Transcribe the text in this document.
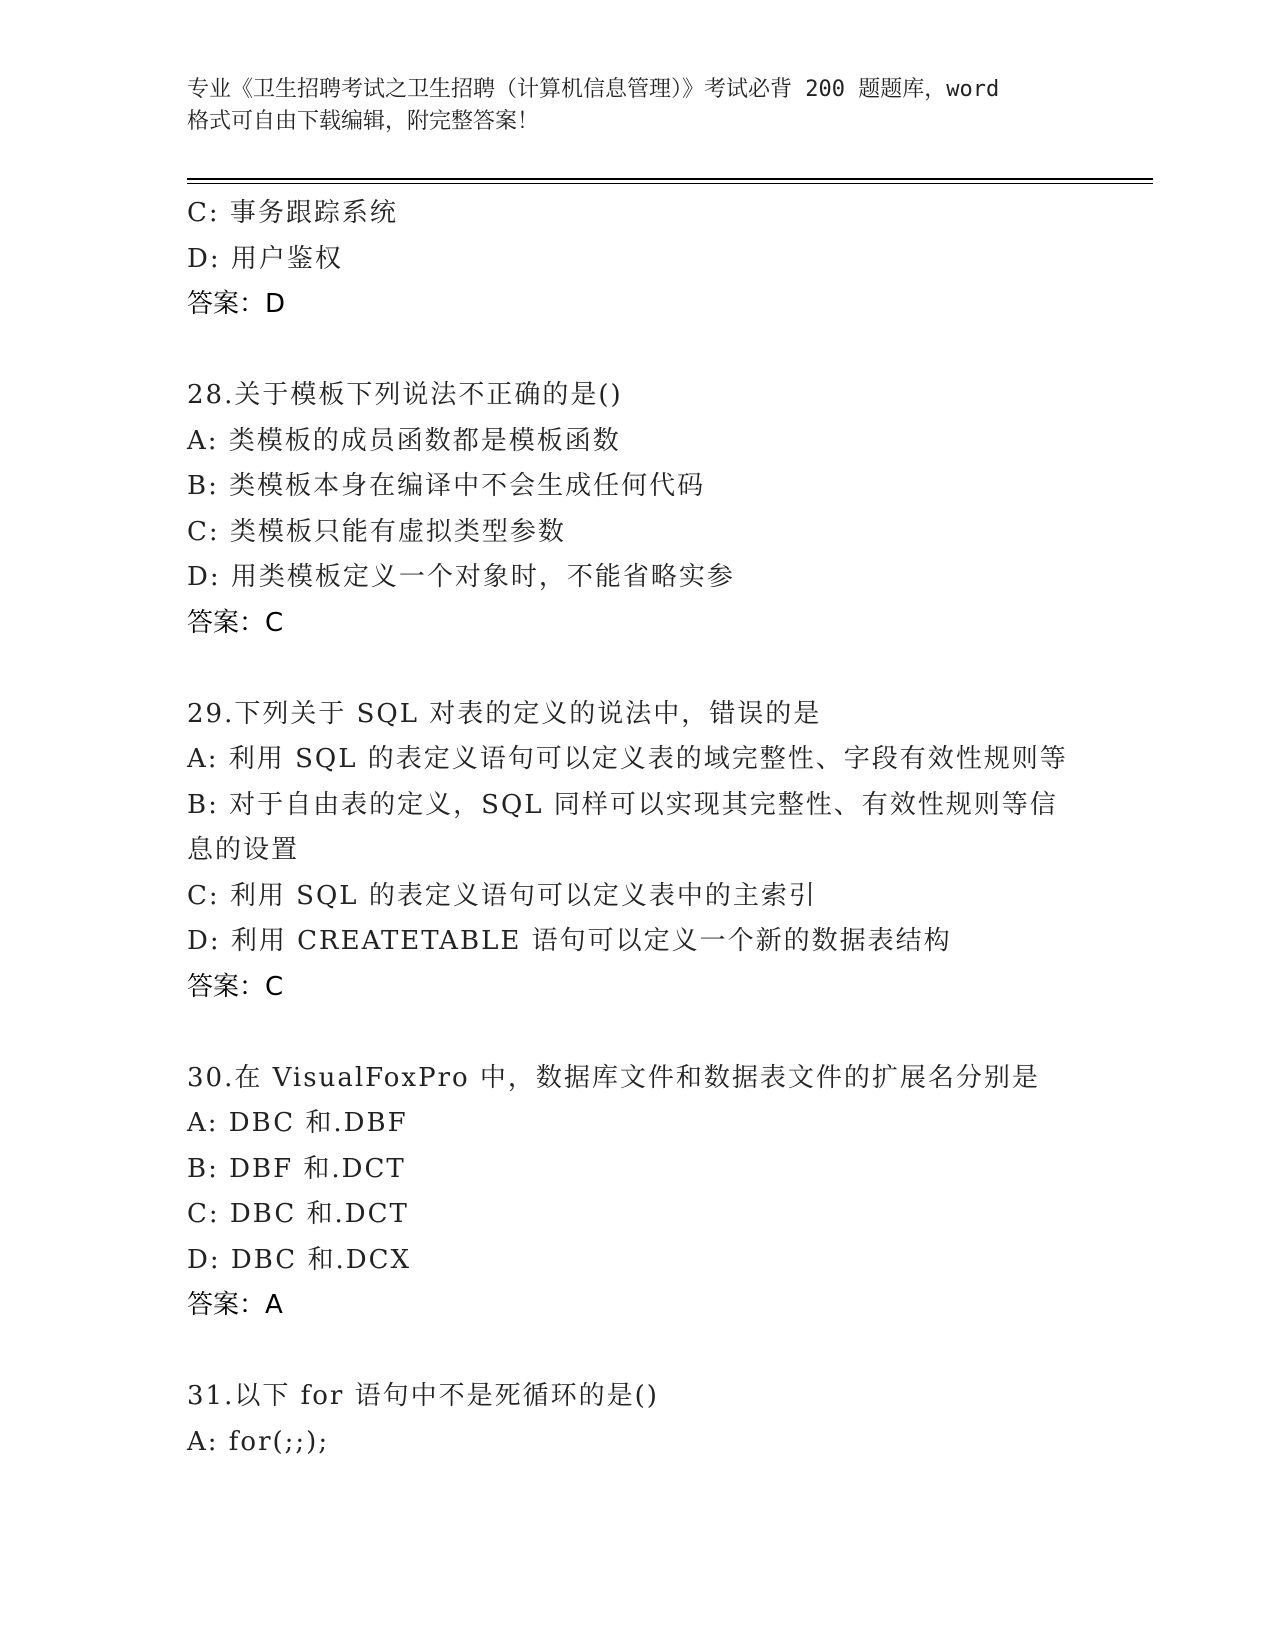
专业《卫生招聘考试之卫生招聘（计算机信息管理）》考试必背 200 题题库，word
格式可自由下载编辑，附完整答案！
C: 事务跟踪系统
D: 用户鉴权
答案：D
28.关于模板下列说法不正确的是()
A: 类模板的成员函数都是模板函数
B: 类模板本身在编译中不会生成任何代码
C: 类模板只能有虚拟类型参数
D: 用类模板定义一个对象时，不能省略实参
答案：C
29.下列关于 SQL 对表的定义的说法中，错误的是
A: 利用 SQL 的表定义语句可以定义表的域完整性、字段有效性规则等
B: 对于自由表的定义，SQL 同样可以实现其完整性、有效性规则等信
息的设置
C: 利用 SQL 的表定义语句可以定义表中的主索引
D: 利用 CREATETABLE 语句可以定义一个新的数据表结构
答案：C
30.在 VisualFoxPro 中，数据库文件和数据表文件的扩展名分别是
A: DBC 和.DBF
B: DBF 和.DCT
C: DBC 和.DCT
D: DBC 和.DCX
答案：A
31.以下 for 语句中不是死循环的是()
A: for(;;);
